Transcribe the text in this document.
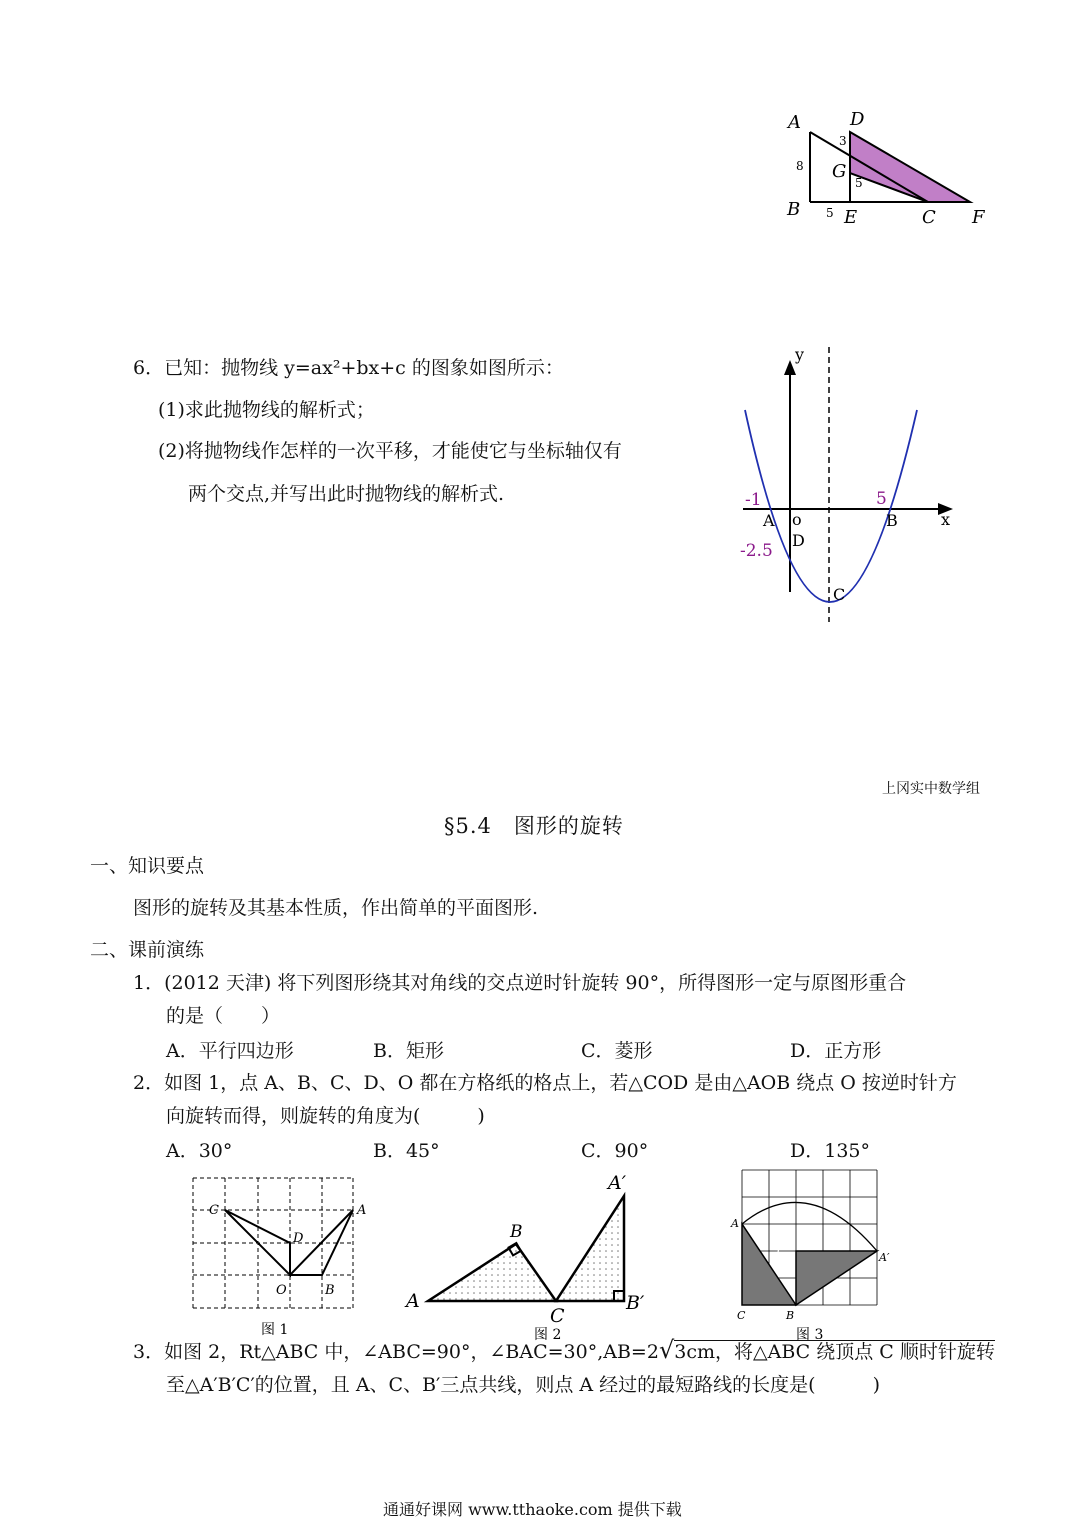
A	D
B E	C F
G
8
3
5
5
6．已知：抛物线 y=ax²+bx+c 的图象如图所示：
(1)求此抛物线的解析式；
(2)将抛物线作怎样的一次平移，才能使它与坐标轴仅有
两个交点,并写出此时抛物线的解析式.
y
x
-1	5
-2.5
A o	B
D
C
上冈实中数学组
§5.4　图形的旋转
一、知识要点
图形的旋转及其基本性质，作出简单的平面图形.
二、课前演练
1．(2012 天津) 将下列图形绕其对角线的交点逆时针旋转 90°，所得图形一定与原图形重合
的是（　　）
A．平行四边形	B．矩形	C．菱形	D．正方形
2．如图 1，点 A、B、C、D、O 都在方格纸的格点上，若△COD 是由△AOB 绕点 O 按逆时针方
向旋转而得，则旋转的角度为(　　　)
A．30°	B．45°	C．90°	D．135°
C	A
D
O	B
图 1
A′
B
A
C
B′
图 2
A
C′	A′
C	B
图 3
3．如图 2，Rt△ABC 中，∠ABC=90°，∠BAC=30°,AB=2√3cm，将△ABC 绕顶点 C 顺时针旋转
至△A′B′C′的位置，且 A、C、B′三点共线，则点 A 经过的最短路线的长度是(　　　)
通通好课网 www.tthaoke.com 提供下载
